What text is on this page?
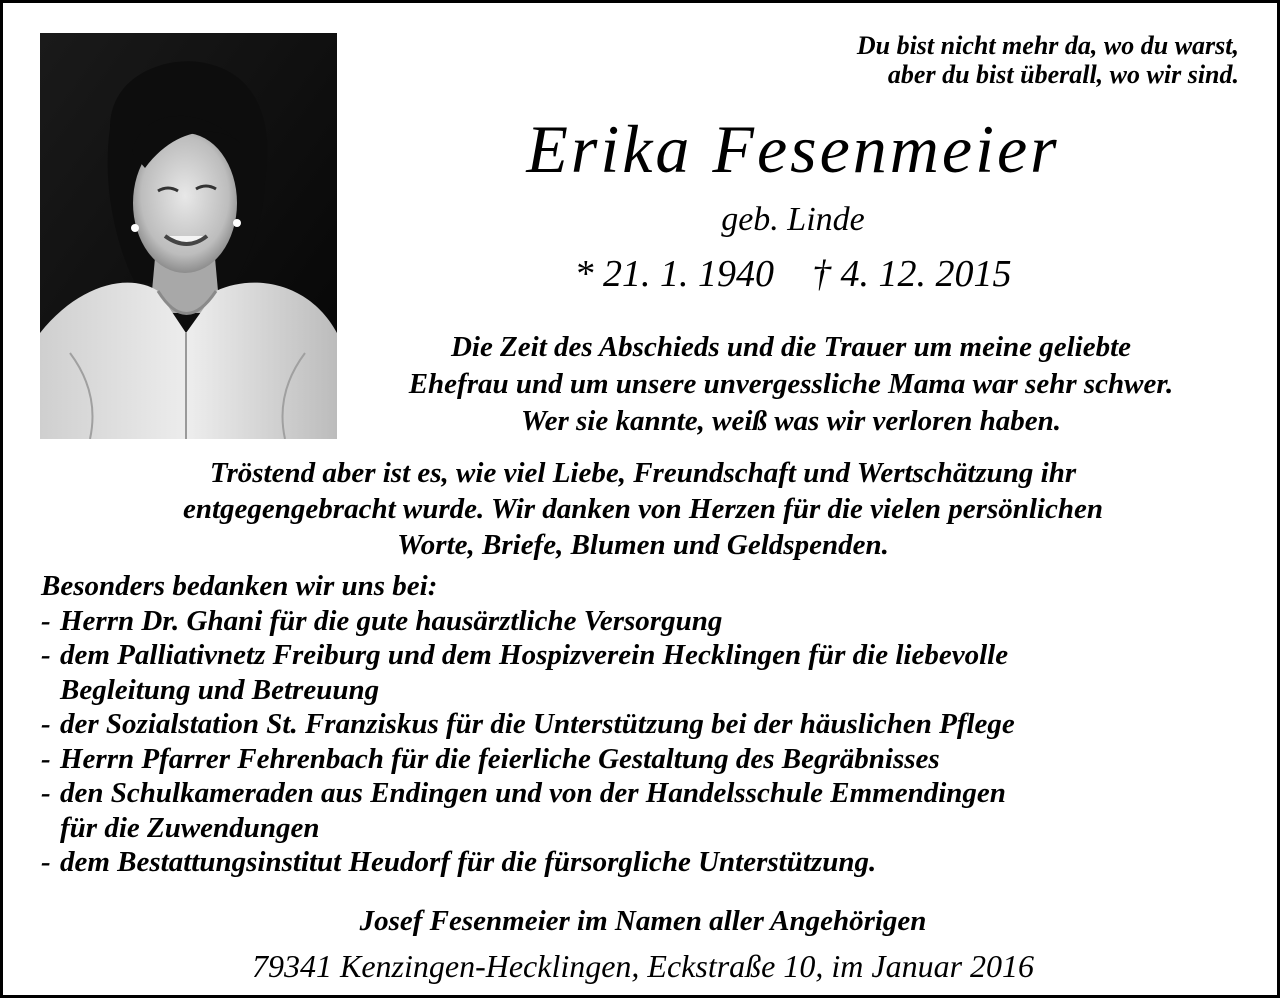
Du bist nicht mehr da, wo du warst,
aber du bist überall, wo wir sind.
Erika Fesenmeier
geb. Linde
* 21. 1. 1940 † 4. 12. 2015
Die Zeit des Abschieds und die Trauer um meine geliebte
Ehefrau und um unsere unvergessliche Mama war sehr schwer.
Wer sie kannte, weiß was wir verloren haben.
Tröstend aber ist es, wie viel Liebe, Freundschaft und Wertschätzung ihr
entgegengebracht wurde. Wir danken von Herzen für die vielen persönlichen
Worte, Briefe, Blumen und Geldspenden.
Besonders bedanken wir uns bei:
- Herrn Dr. Ghani für die gute hausärztliche Versorgung
- dem Palliativnetz Freiburg und dem Hospizverein Hecklingen für die liebevolle
Begleitung und Betreuung
- der Sozialstation St. Franziskus für die Unterstützung bei der häuslichen Pflege
- Herrn Pfarrer Fehrenbach für die feierliche Gestaltung des Begräbnisses
- den Schulkameraden aus Endingen und von der Handelsschule Emmendingen
für die Zuwendungen
- dem Bestattungsinstitut Heudorf für die fürsorgliche Unterstützung.
Josef Fesenmeier im Namen aller Angehörigen
79341 Kenzingen-Hecklingen, Eckstraße 10, im Januar 2016
